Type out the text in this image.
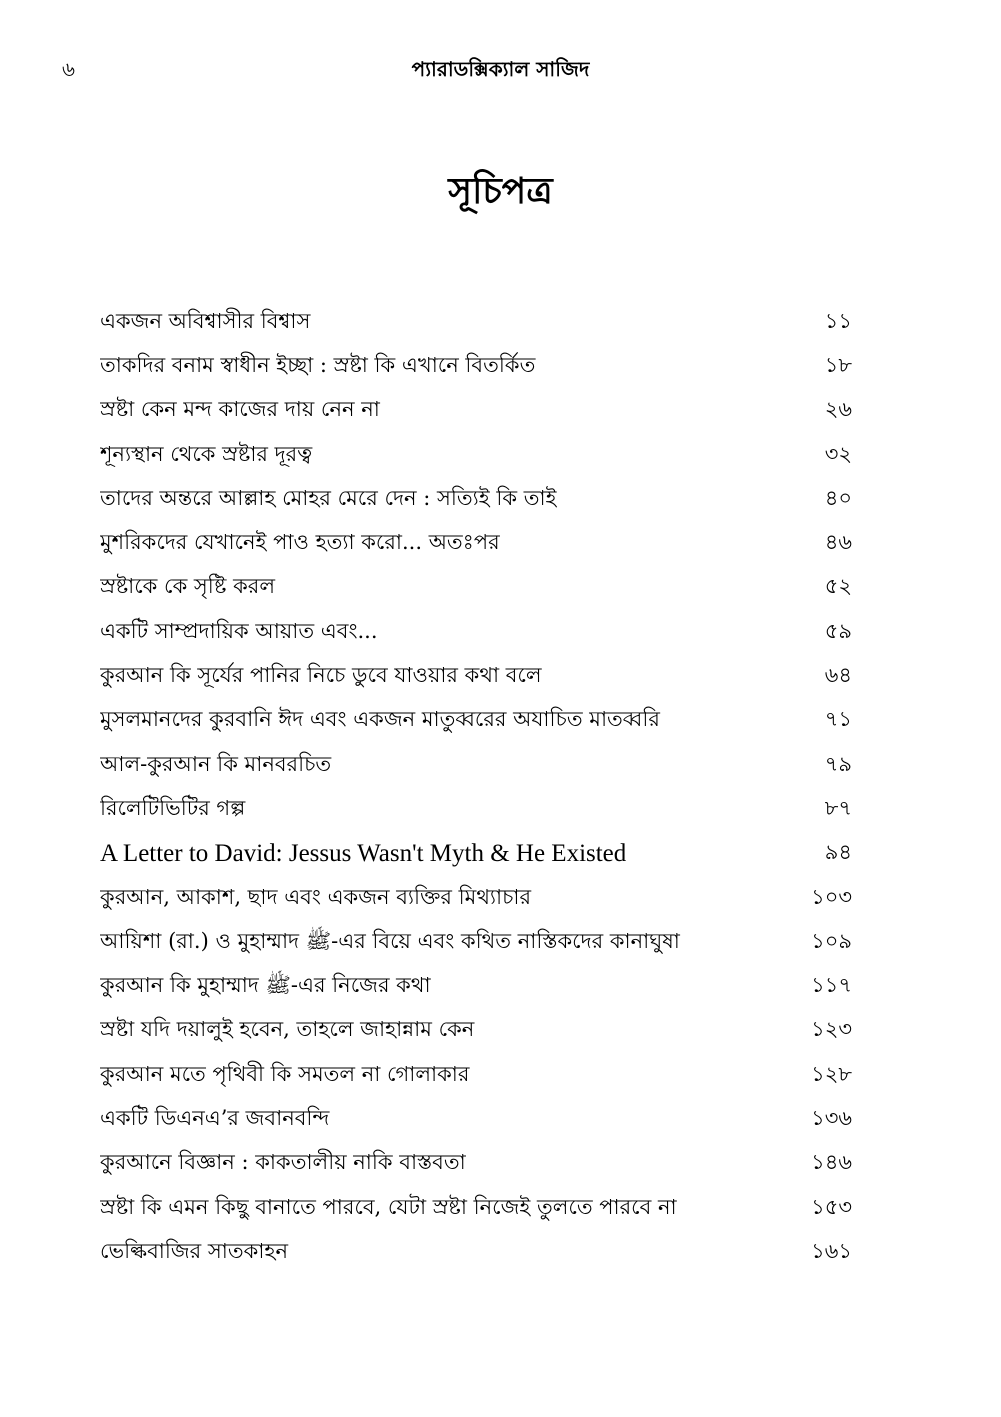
৬	প্যারাডক্সিক্যাল সাজিদ
সূচিপত্র
একজন অবিশ্বাসীর বিশ্বাস	১১
তাকদির বনাম স্বাধীন ইচ্ছা : স্রষ্টা কি এখানে বিতর্কিত	১৮
স্রষ্টা কেন মন্দ কাজের দায় নেন না	২৬
শূন্যস্থান থেকে স্রষ্টার দূরত্ব	৩২
তাদের অন্তরে আল্লাহ মোহর মেরে দেন : সত্যিই কি তাই	৪০
মুশরিকদের যেখানেই পাও হত্যা করো... অতঃপর	৪৬
স্রষ্টাকে কে সৃষ্টি করল	৫২
একটি সাম্প্রদায়িক আয়াত এবং...	৫৯
কুরআন কি সূর্যের পানির নিচে ডুবে যাওয়ার কথা বলে	৬৪
মুসলমানদের কুরবানি ঈদ এবং একজন মাতুব্বরের অযাচিত মাতব্বরি	৭১
আল-কুরআন কি মানবরচিত	৭৯
রিলেটিভিটির গল্প	৮৭
A Letter to David: Jessus Wasn't Myth & He Existed	৯৪
কুরআন, আকাশ, ছাদ এবং একজন ব্যক্তির মিথ্যাচার	১০৩
আয়িশা (রা.) ও মুহাম্মাদ ﷺ-এর বিয়ে এবং কথিত নাস্তিকদের কানাঘুষা	১০৯
কুরআন কি মুহাম্মাদ ﷺ-এর নিজের কথা	১১৭
স্রষ্টা যদি দয়ালুই হবেন, তাহলে জাহান্নাম কেন	১২৩
কুরআন মতে পৃথিবী কি সমতল না গোলাকার	১২৮
একটি ডিএনএ’র জবানবন্দি	১৩৬
কুরআনে বিজ্ঞান : কাকতালীয় নাকি বাস্তবতা	১৪৬
স্রষ্টা কি এমন কিছু বানাতে পারবে, যেটা স্রষ্টা নিজেই তুলতে পারবে না	১৫৩
ভেল্কিবাজির সাতকাহন	১৬১
